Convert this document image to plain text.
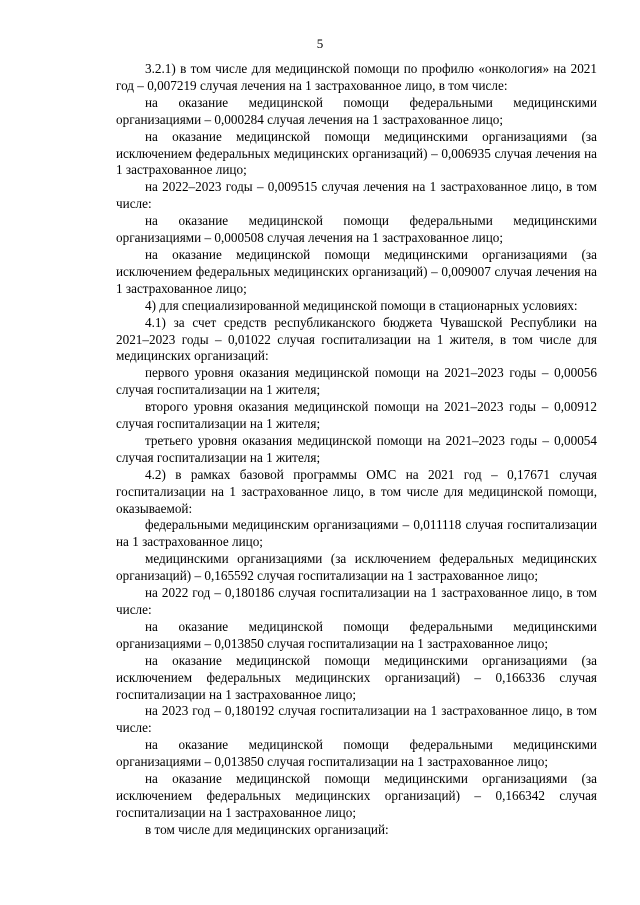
5

3.2.1) в том числе для медицинской помощи по профилю «онкология» на 2021 год – 0,007219 случая лечения на 1 застрахованное лицо, в том числе:

на оказание медицинской помощи федеральными медицинскими организациями – 0,000284 случая лечения на 1 застрахованное лицо;

на оказание медицинской помощи медицинскими организациями (за исключением федеральных медицинских организаций) – 0,006935 случая лечения на 1 застрахованное лицо;

на 2022–2023 годы – 0,009515 случая лечения на 1 застрахованное лицо, в том числе:

на оказание медицинской помощи федеральными медицинскими организациями – 0,000508 случая лечения на 1 застрахованное лицо;

на оказание медицинской помощи медицинскими организациями (за исключением федеральных медицинских организаций) – 0,009007 случая лечения на 1 застрахованное лицо;

4) для специализированной медицинской помощи в стационарных условиях:

4.1) за счет средств республиканского бюджета Чувашской Республики на 2021–2023 годы – 0,01022 случая госпитализации на 1 жителя, в том числе для медицинских организаций:

первого уровня оказания медицинской помощи на 2021–2023 годы – 0,00056 случая госпитализации на 1 жителя;

второго уровня оказания медицинской помощи на 2021–2023 годы – 0,00912 случая госпитализации на 1 жителя;

третьего уровня оказания медицинской помощи на 2021–2023 годы – 0,00054 случая госпитализации на 1 жителя;

4.2) в рамках базовой программы ОМС на 2021 год – 0,17671 случая госпитализации на 1 застрахованное лицо, в том числе для медицинской помощи, оказываемой:

федеральными медицинским организациями – 0,011118 случая госпитализации на 1 застрахованное лицо;

медицинскими организациями (за исключением федеральных медицинских организаций) – 0,165592 случая госпитализации на 1 застрахованное лицо;

на 2022 год – 0,180186 случая госпитализации на 1 застрахованное лицо, в том числе:

на оказание медицинской помощи федеральными медицинскими организациями – 0,013850 случая госпитализации на 1 застрахованное лицо;

на оказание медицинской помощи медицинскими организациями (за исключением федеральных медицинских организаций) – 0,166336 случая госпитализации на 1 застрахованное лицо;

на 2023 год – 0,180192 случая госпитализации на 1 застрахованное лицо, в том числе:

на оказание медицинской помощи федеральными медицинскими организациями – 0,013850 случая госпитализации на 1 застрахованное лицо;

на оказание медицинской помощи медицинскими организациями (за исключением федеральных медицинских организаций) – 0,166342 случая госпитализации на 1 застрахованное лицо;

в том числе для медицинских организаций:
